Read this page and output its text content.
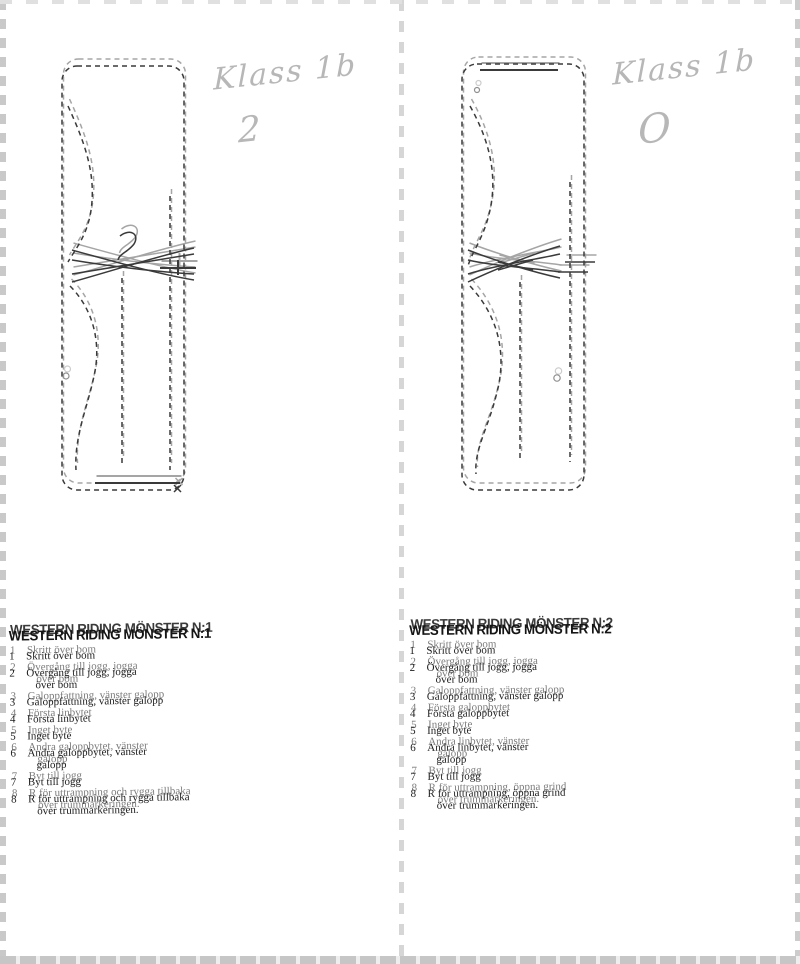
Klass 1b
2
WESTERN RIDING MÖNSTER N:1
1	Skritt över bom
2	Övergång till jogg, jogga
över bom
3	Galoppfattning, vänster galopp
4	Första linbytet
5	Inget byte
6	Andra galoppbytet, vänster
galopp
7	Byt till jogg
8	R för uttrampning och rygga tillbaka
över trummarkeringen.
Klass 1b
O
WESTERN RIDING MÖNSTER N:2
1	Skritt över bom
2	Övergång till jogg, jogga
över bom
3	Galoppfattning, vänster galopp
4	Första galoppbytet
5	Inget byte
6	Andra linbytet, vänster
galopp
7	Byt till jogg
8	R för uttrampning, öppna grind
över trummarkeringen.
